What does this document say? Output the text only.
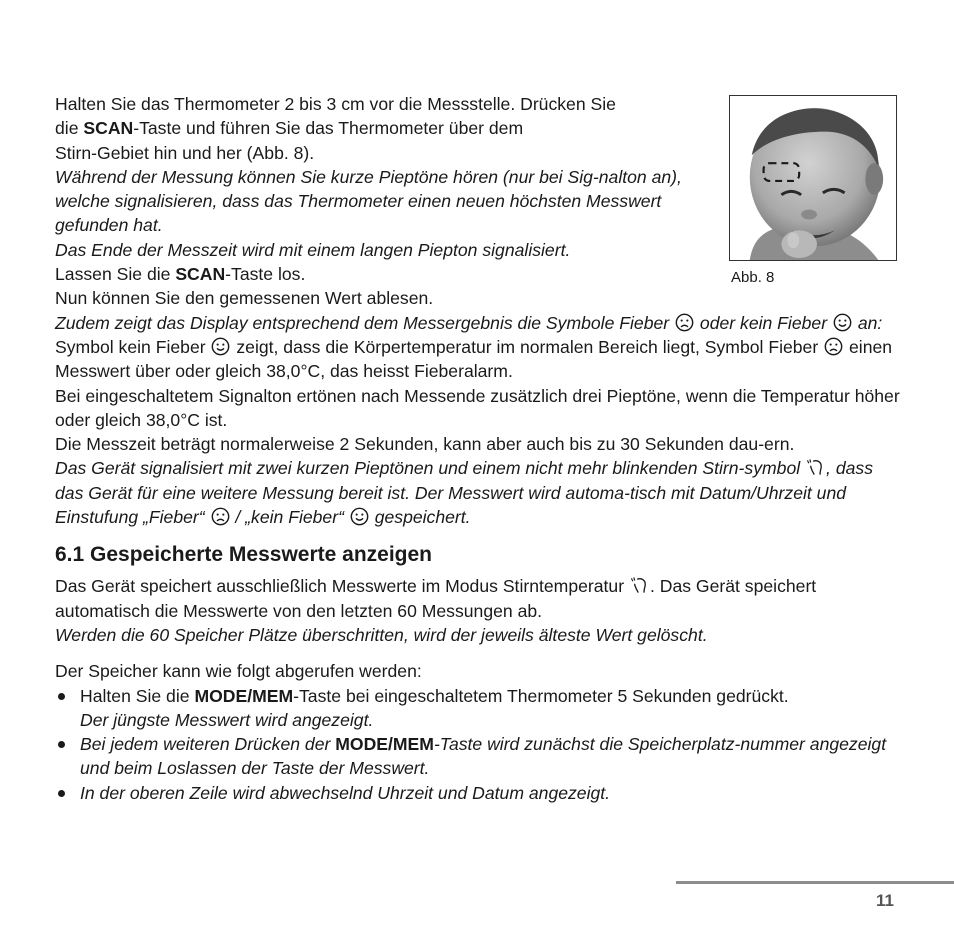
Halten Sie das Thermometer 2 bis 3 cm vor die Messstelle. Drücken Sie

die SCAN-Taste und führen Sie das Thermometer über dem

Stirn-Gebiet hin und her (Abb. 8).

Während der Messung können Sie kurze Pieptöne hören (nur bei Sig-nalton an), welche signalisieren, dass das Thermometer einen neuen höchsten Messwert gefunden hat.

Das Ende der Messzeit wird mit einem langen Piepton signalisiert.

Lassen Sie die SCAN-Taste los.

Nun können Sie den gemessenen Wert ablesen.

Zudem zeigt das Display entsprechend dem Messergebnis die Symbole Fieber
oder kein Fieber
an:

Symbol kein Fieber
zeigt, dass die Körpertemperatur im normalen Bereich liegt, Symbol Fieber
einen Messwert über oder gleich 38,0°C, das heisst Fieberalarm.

Bei eingeschaltetem Signalton ertönen nach Messende zusätzlich drei Pieptöne, wenn die Temperatur höher oder gleich 38,0°C ist.

Die Messzeit beträgt normalerweise 2 Sekunden, kann aber auch bis zu 30 Sekunden dau-ern.

Das Gerät signalisiert mit zwei kurzen Pieptönen und einem nicht mehr blinkenden Stirn-symbol , dass das Gerät für eine weitere Messung bereit ist. Der Messwert wird automa-tisch mit Datum/Uhrzeit und Einstufung „Fieber“
/ „kein Fieber“
gespeichert.

6.1 Gespeicherte Messwerte anzeigen

Das Gerät speichert ausschließlich Messwerte im Modus Stirntemperatur . Das Gerät speichert automatisch die Messwerte von den letzten 60 Messungen ab.

Werden die 60 Speicher Plätze überschritten, wird der jeweils älteste Wert gelöscht.

Der Speicher kann wie folgt abgerufen werden:

Halten Sie die MODE/MEM-Taste bei eingeschaltetem Thermometer 5 Sekunden gedrückt.
Der jüngste Messwert wird angezeigt.
Bei jedem weiteren Drücken der MODE/MEM-Taste wird zunächst die Speicherplatz-nummer angezeigt und beim Loslassen der Taste der Messwert.
In der oberen Zeile wird abwechselnd Uhrzeit und Datum angezeigt.
Abb. 8
11
